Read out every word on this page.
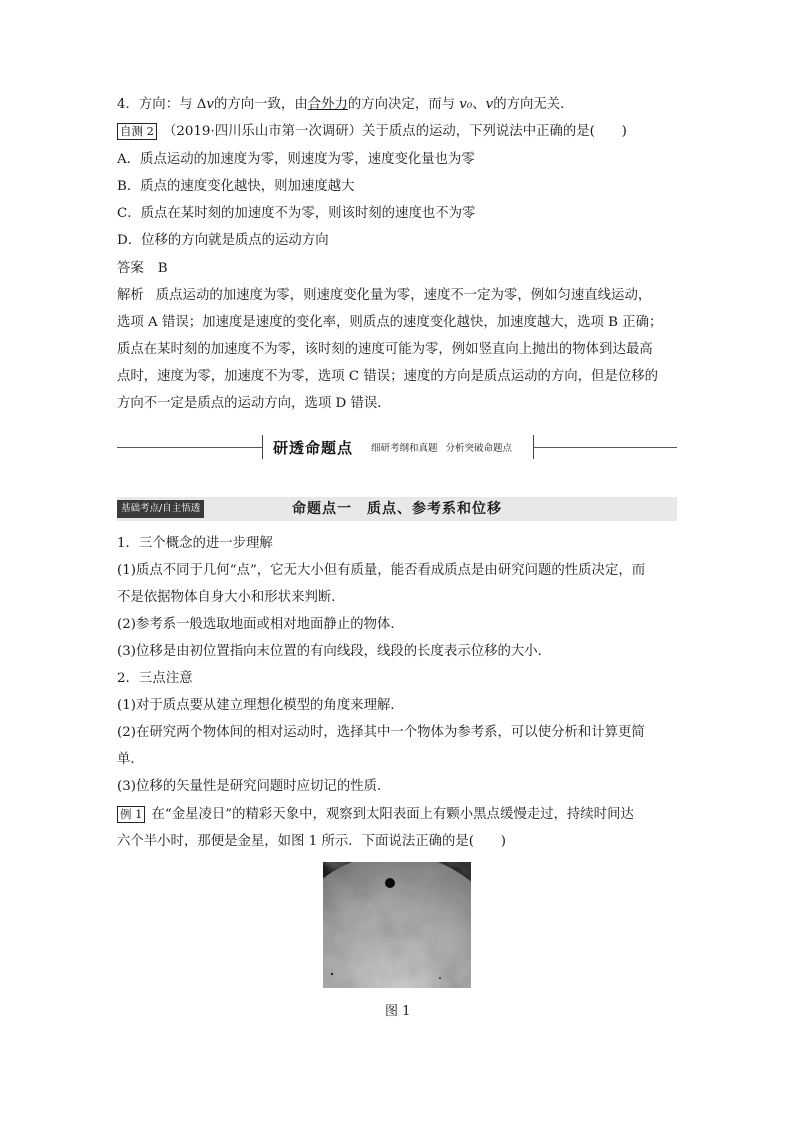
4．方向：与 Δv的方向一致，由合外力的方向决定，而与 v₀、v的方向无关．
自测 2 （2019·四川乐山市第一次调研）关于质点的运动，下列说法中正确的是(　　)
A．质点运动的加速度为零，则速度为零，速度变化量也为零
B．质点的速度变化越快，则加速度越大
C．质点在某时刻的加速度不为零，则该时刻的速度也不为零
D．位移的方向就是质点的运动方向
答案 B
解析 质点运动的加速度为零，则速度变化量为零，速度不一定为零，例如匀速直线运动，
选项 A 错误；加速度是速度的变化率，则质点的速度变化越快，加速度越大，选项 B 正确；
质点在某时刻的加速度不为零，该时刻的速度可能为零，例如竖直向上抛出的物体到达最高
点时，速度为零，加速度不为零，选项 C 错误；速度的方向是质点运动的方向，但是位移的
方向不一定是质点的运动方向，选项 D 错误．
研透命题点	细研考纲和真题 分析突破命题点
基础考点/自主悟透	命题点一　质点、参考系和位移
1．三个概念的进一步理解
(1)质点不同于几何“点”，它无大小但有质量，能否看成质点是由研究问题的性质决定，而
不是依据物体自身大小和形状来判断．
(2)参考系一般选取地面或相对地面静止的物体．
(3)位移是由初位置指向末位置的有向线段，线段的长度表示位移的大小．
2．三点注意
(1)对于质点要从建立理想化模型的角度来理解．
(2)在研究两个物体间的相对运动时，选择其中一个物体为参考系，可以使分析和计算更简
单．
(3)位移的矢量性是研究问题时应切记的性质．
例 1 在“金星凌日”的精彩天象中，观察到太阳表面上有颗小黑点缓慢走过，持续时间达
六个半小时，那便是金星，如图 1 所示．下面说法正确的是(　　)
图 1
